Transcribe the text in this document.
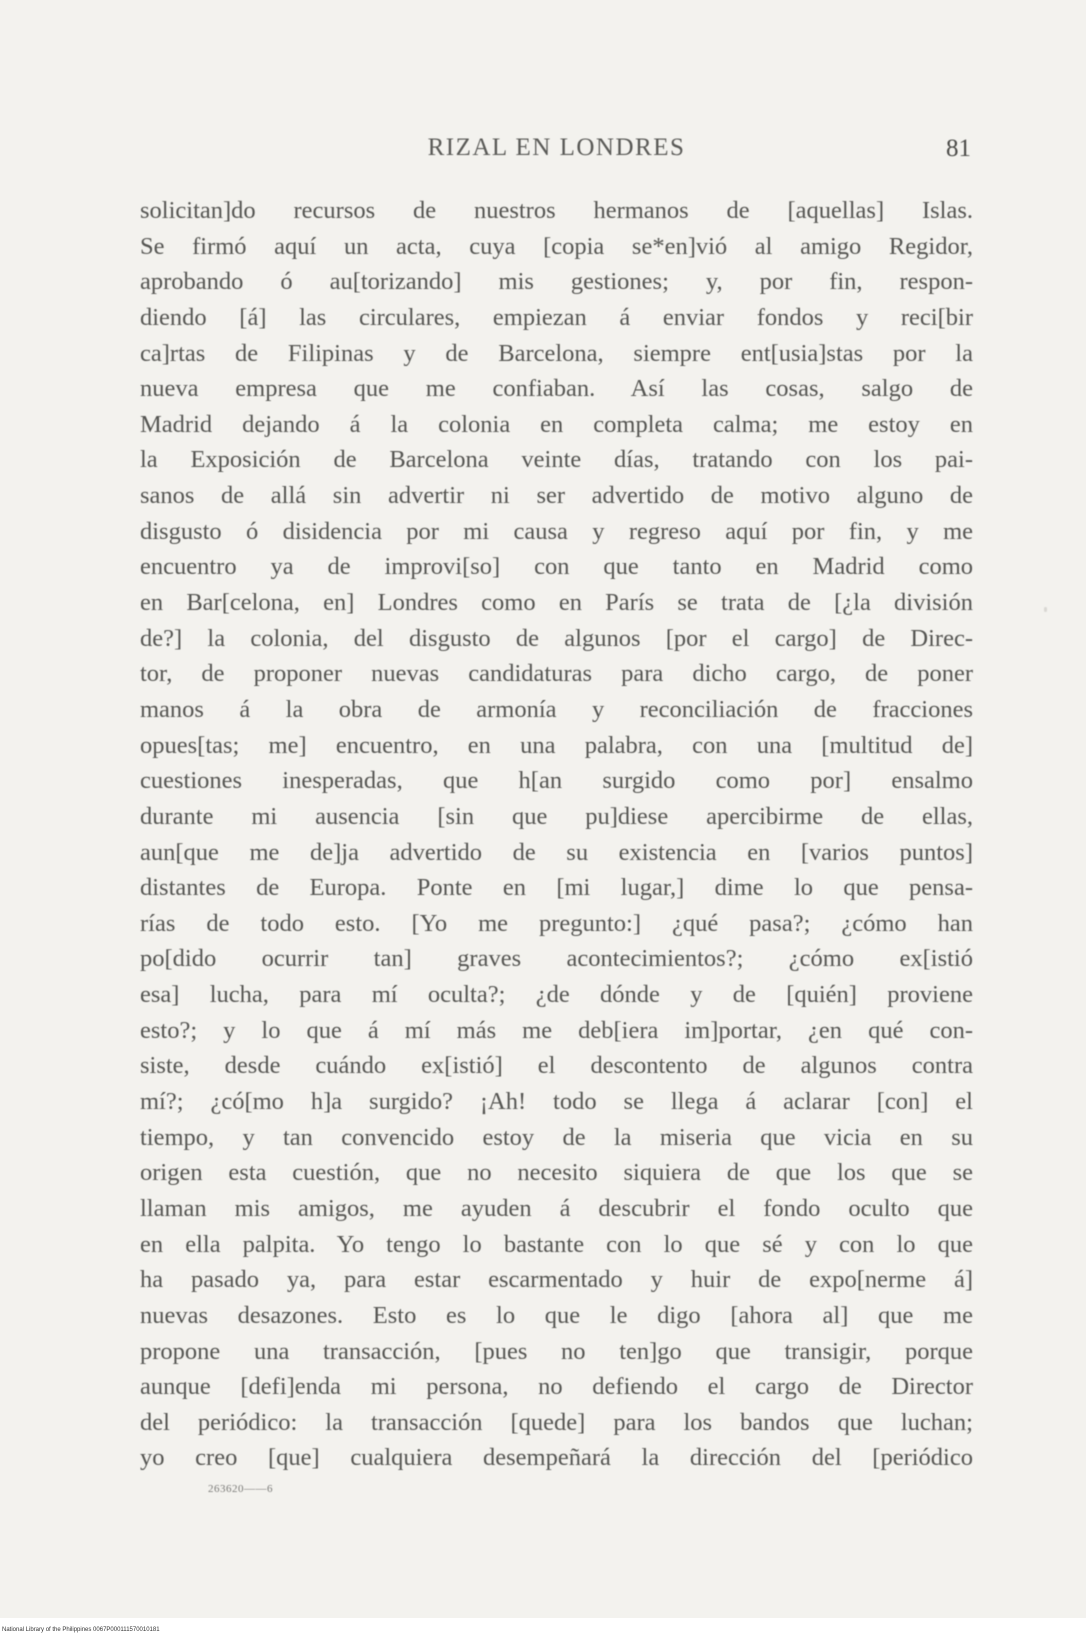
RIZAL EN LONDRES	81
solicitan]do recursos de nuestros hermanos de [aquellas] Islas.
Se firmó aquí un acta, cuya [copia se*en]vió al amigo Regidor,
aprobando ó au[torizando] mis gestiones; y, por fin, respon-
diendo [á] las circulares, empiezan á enviar fondos y reci[bir
ca]rtas de Filipinas y de Barcelona, siempre ent[usia]stas por la
nueva empresa que me confiaban. Así las cosas, salgo de
Madrid dejando á la colonia en completa calma; me estoy en
la Exposición de Barcelona veinte días, tratando con los pai-
sanos de allá sin advertir ni ser advertido de motivo alguno de
disgusto ó disidencia por mi causa y regreso aquí por fin, y me
encuentro ya de improvi[so] con que tanto en Madrid como
en Bar[celona, en] Londres como en París se trata de [¿la división
de?] la colonia, del disgusto de algunos [por el cargo] de Direc-
tor, de proponer nuevas candidaturas para dicho cargo, de poner
manos á la obra de armonía y reconciliación de fracciones
opues[tas; me] encuentro, en una palabra, con una [multitud de]
cuestiones inesperadas, que h[an surgido como por] ensalmo
durante mi ausencia [sin que pu]diese apercibirme de ellas,
aun[que me de]ja advertido de su existencia en [varios puntos]
distantes de Europa. Ponte en [mi lugar,] dime lo que pensa-
rías de todo esto. [Yo me pregunto:] ¿qué pasa?; ¿cómo han
po[dido ocurrir tan] graves acontecimientos?; ¿cómo ex[istió
esa] lucha, para mí oculta?; ¿de dónde y de [quién] proviene
esto?; y lo que á mí más me deb[iera im]portar, ¿en qué con-
siste, desde cuándo ex[istió] el descontento de algunos contra
mí?; ¿có[mo h]a surgido? ¡Ah! todo se llega á aclarar [con] el
tiempo, y tan convencido estoy de la miseria que vicia en su
origen esta cuestión, que no necesito siquiera de que los que se
llaman mis amigos, me ayuden á descubrir el fondo oculto que
en ella palpita. Yo tengo lo bastante con lo que sé y con lo que
ha pasado ya, para estar escarmentado y huir de expo[nerme á]
nuevas desazones. Esto es lo que le digo [ahora al] que me
propone una transacción, [pues no ten]go que transigir, porque
aunque [defi]enda mi persona, no defiendo el cargo de Director
del periódico: la transacción [quede] para los bandos que luchan;
yo creo [que] cualquiera desempeñará la dirección del [periódico
263620——6
National Library of the Philippines 0067P000111570010181
